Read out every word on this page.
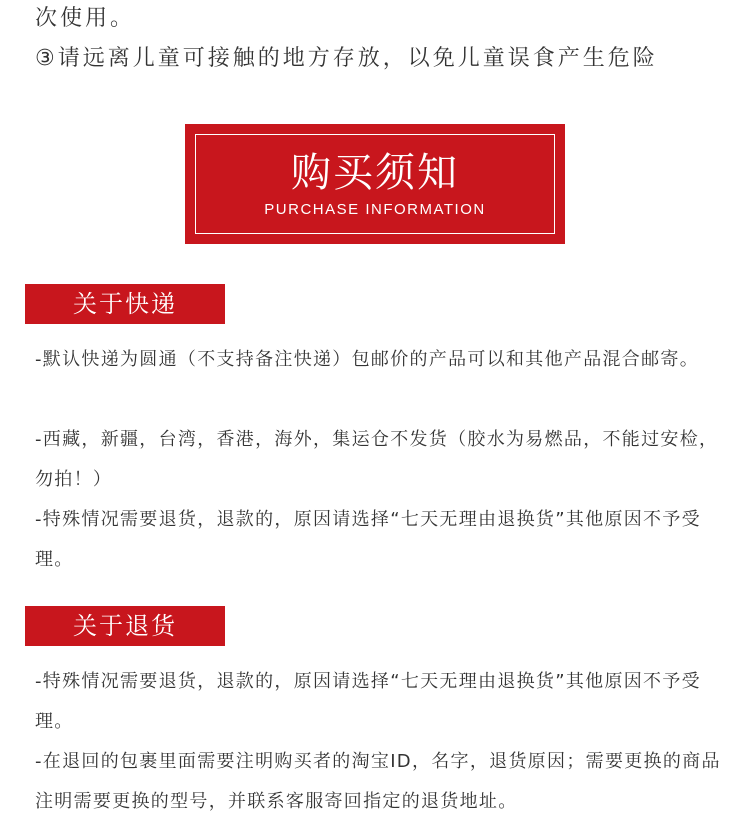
次使用。
③请远离儿童可接触的地方存放，以免儿童误食产生危险
购买须知
PURCHASE INFORMATION
关于快递

-默认快递为圆通（不支持备注快递）包邮价的产品可以和其他产品混合邮寄。

-西藏，新疆，台湾，香港，海外，集运仓不发货（胶水为易燃品，不能过安检，勿拍！）

-特殊情况需要退货，退款的，原因请选择“七天无理由退换货”其他原因不予受理。

关于退货

-特殊情况需要退货，退款的，原因请选择“七天无理由退换货”其他原因不予受理。

-在退回的包裹里面需要注明购买者的淘宝ID，名字，退货原因；需要更换的商品注明需要更换的型号，并联系客服寄回指定的退货地址。
